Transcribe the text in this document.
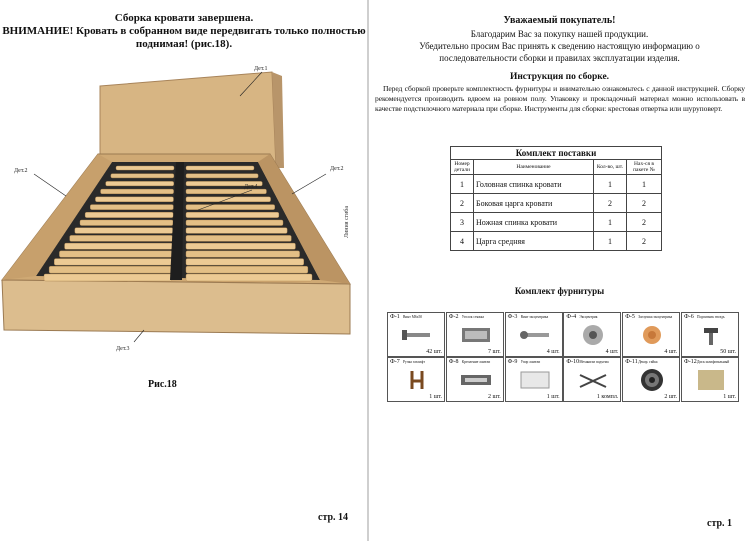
Сборка кровати завершена.
ВНИМАНИЕ! Кровать в собранном виде передвигать только полностью
поднимая! (рис.18).
Дет.1
Дет.2	Дет.2
Дет.4
Дет.3
Линия сгиба
Рис.18
стр. 14
Уважаемый покупатель!
Благодарим Вас за покупку нашей продукции.
Убедительно просим Вас принять к сведению настоящую информацию о
последовательности сборки и правилах эксплуатации изделия.
Инструкция по сборке.
Перед сборкой проверьте комплектность фурнитуры и внимательно ознакомьтесь с данной инструкцией. Сборку рекомендуется производить вдвоем на ровном полу. Упаковку и прокладочный материал можно использовать в качестве подстилочного материала при сборке. Инструменты для сборки: крестовая отвертка или шуруповерт.
Комплект поставки			
Номер детали	Наименование	Кол-во, шт.	Нах-ся в пакете №
1	Головная спинка кровати	1	1
2	Боковая царга кровати	2	2
3	Ножная спинка кровати	1	2
4	Царга средняя	1	2
Комплект фурнитуры
Ф-1 Винт М6х50
42 шт.
Ф-2 Уголок стяжка
7 шт.
Ф-3 Винт эксцентрика
4 шт.
Ф-4 Эксцентрик
4 шт.
Ф-5 Заглушка эксцентрика
4 шт.
Ф-6 Подпятник гвоздь
50 шт.
Ф-7 Ручка газлифт
1 шт.
Ф-8 Крепление ламели
2 шт.
Ф-9 Упор ламели
1 шт.
Ф-10 Механизм подъема
1 компл.
Ф-11 Декор. гайка
2 шт.
Ф-12 Диск шлифовальный
1 шт.
стр. 1
